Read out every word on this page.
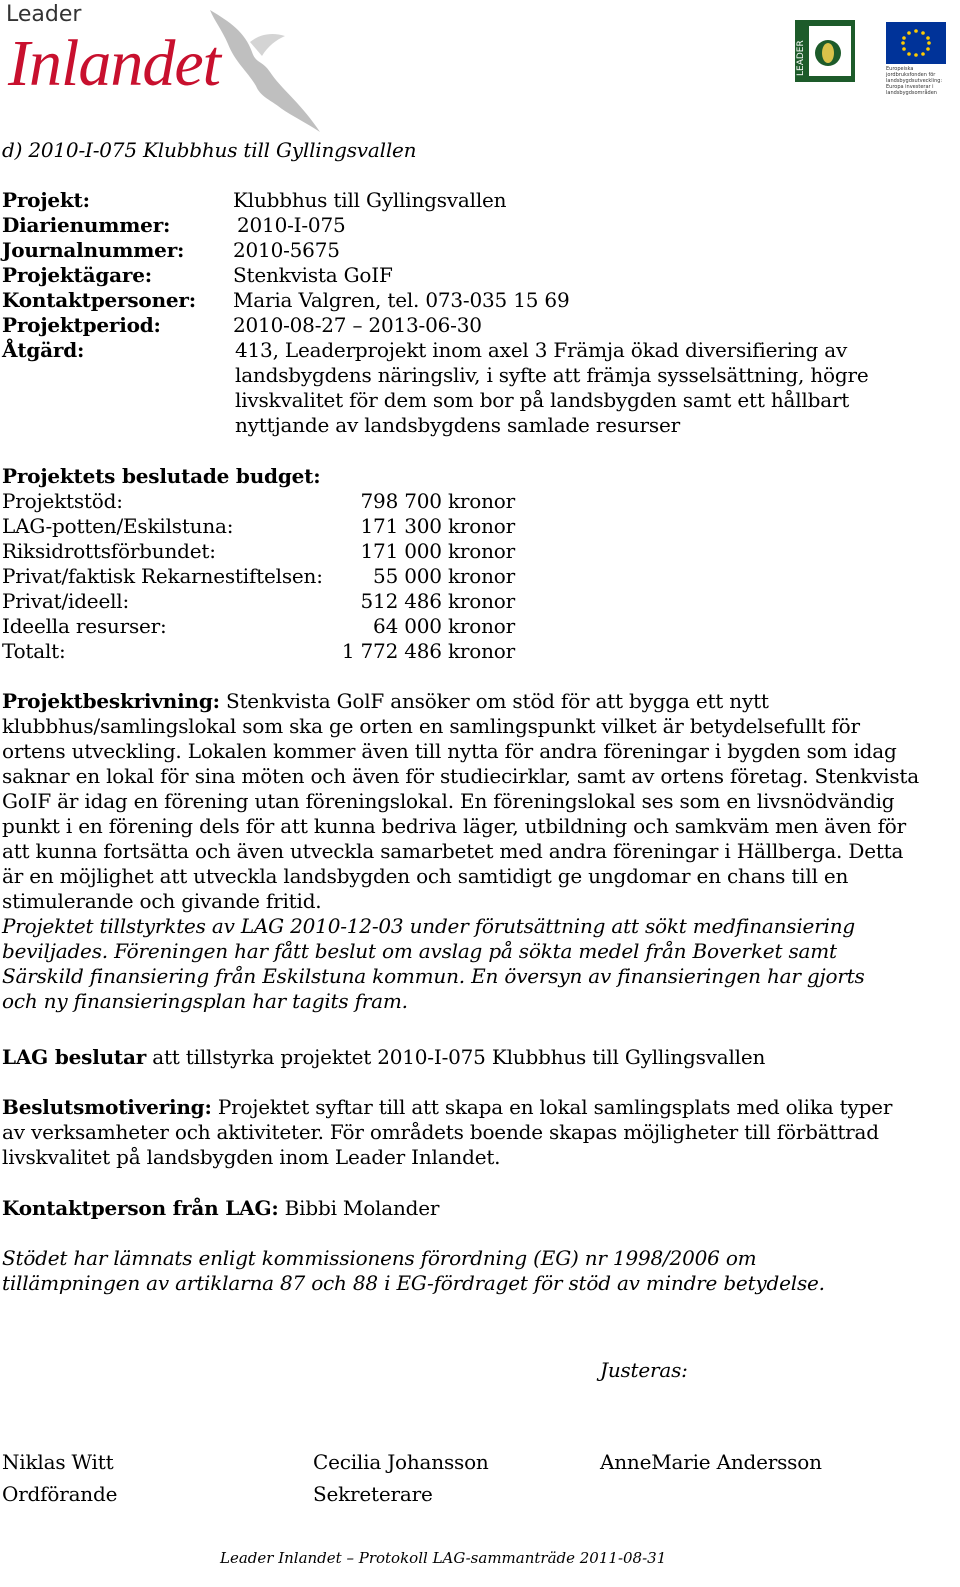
Leader
Inlandet	LEADER	Europeiska jordbruksfonden för landsbygdsutveckling: Europa investerar i landsbygdsområden
d) 2010-I-075 Klubbhus till Gyllingsvallen
Projekt:	Klubbhus till Gyllingsvallen
Diarienummer:	2010-I-075
Journalnummer: 2010-5675
Projektägare:	Stenkvista GoIF
Kontaktpersoner: Maria Valgren, tel. 073-035 15 69
Projektperiod:	2010-08-27 – 2013-06-30
Åtgärd:	413, Leaderprojekt inom axel 3 Främja ökad diversifiering av
landsbygdens näringsliv, i syfte att främja sysselsättning, högre
livskvalitet för dem som bor på landsbygden samt ett hållbart
nyttjande av landsbygdens samlade resurser
Projektets beslutade budget:
Projektstöd:	798 700 kronor
LAG-potten/Eskilstuna:	171 300 kronor
Riksidrottsförbundet:	171 000 kronor
Privat/faktisk Rekarnestiftelsen:	55 000 kronor
Privat/ideell:	512 486 kronor
Ideella resurser:	64 000 kronor
Totalt:	1 772 486 kronor
Projektbeskrivning: Stenkvista GolF ansöker om stöd för att bygga ett nytt
klubbhus/samlingslokal som ska ge orten en samlingspunkt vilket är betydelsefullt för
ortens utveckling. Lokalen kommer även till nytta för andra föreningar i bygden som idag
saknar en lokal för sina möten och även för studiecirklar, samt av ortens företag. Stenkvista
GoIF är idag en förening utan föreningslokal. En föreningslokal ses som en livsnödvändig
punkt i en förening dels för att kunna bedriva läger, utbildning och samkväm men även för
att kunna fortsätta och även utveckla samarbetet med andra föreningar i Hällberga. Detta
är en möjlighet att utveckla landsbygden och samtidigt ge ungdomar en chans till en
stimulerande och givande fritid.
Projektet tillstyrktes av LAG 2010-12-03 under förutsättning att sökt medfinansiering
beviljades. Föreningen har fått beslut om avslag på sökta medel från Boverket samt
Särskild finansiering från Eskilstuna kommun. En översyn av finansieringen har gjorts
och ny finansieringsplan har tagits fram.
LAG beslutar att tillstyrka projektet 2010-I-075 Klubbhus till Gyllingsvallen
Beslutsmotivering: Projektet syftar till att skapa en lokal samlingsplats med olika typer
av verksamheter och aktiviteter. För områdets boende skapas möjligheter till förbättrad
livskvalitet på landsbygden inom Leader Inlandet.
Kontaktperson från LAG: Bibbi Molander
Stödet har lämnats enligt kommissionens förordning (EG) nr 1998/2006 om
tillämpningen av artiklarna 87 och 88 i EG-fördraget för stöd av mindre betydelse.
Justeras:
Niklas Witt
Ordförande
Cecilia Johansson
Sekreterare
AnneMarie Andersson
Leader Inlandet – Protokoll LAG-sammanträde 2011-08-31
